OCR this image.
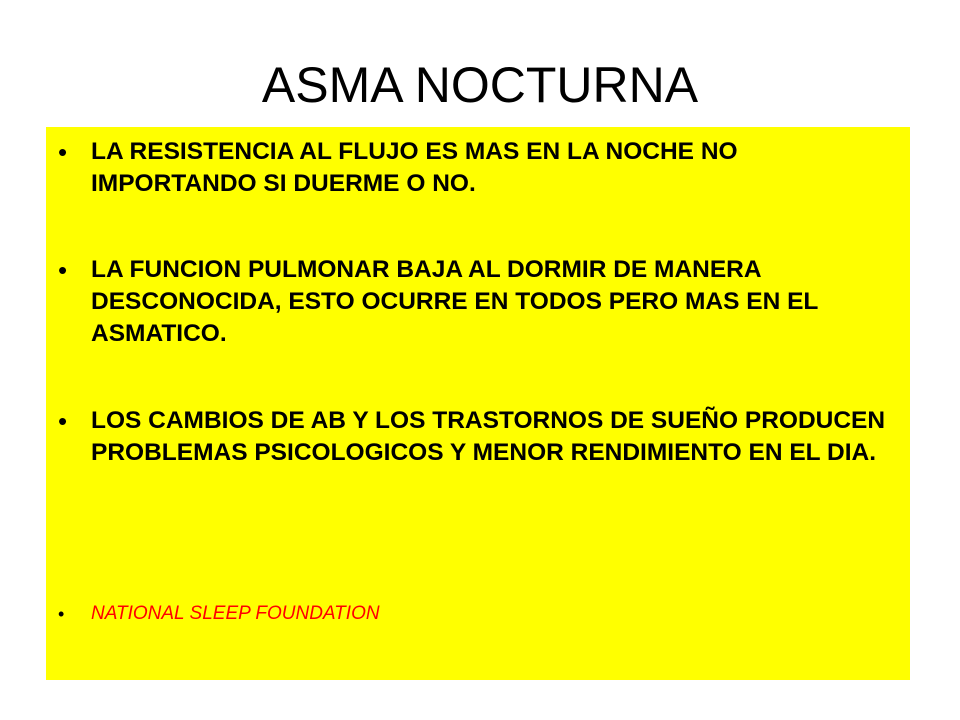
ASMA NOCTURNA
• LA RESISTENCIA AL FLUJO ES MAS EN LA NOCHE NO IMPORTANDO SI DUERME O NO.
• LA FUNCION PULMONAR BAJA AL DORMIR DE MANERA DESCONOCIDA, ESTO OCURRE EN TODOS PERO MAS EN EL ASMATICO.
• LOS CAMBIOS DE AB Y LOS TRASTORNOS DE SUEÑO PRODUCEN PROBLEMAS PSICOLOGICOS Y MENOR RENDIMIENTO EN EL DIA.
•	NATIONAL SLEEP FOUNDATION
